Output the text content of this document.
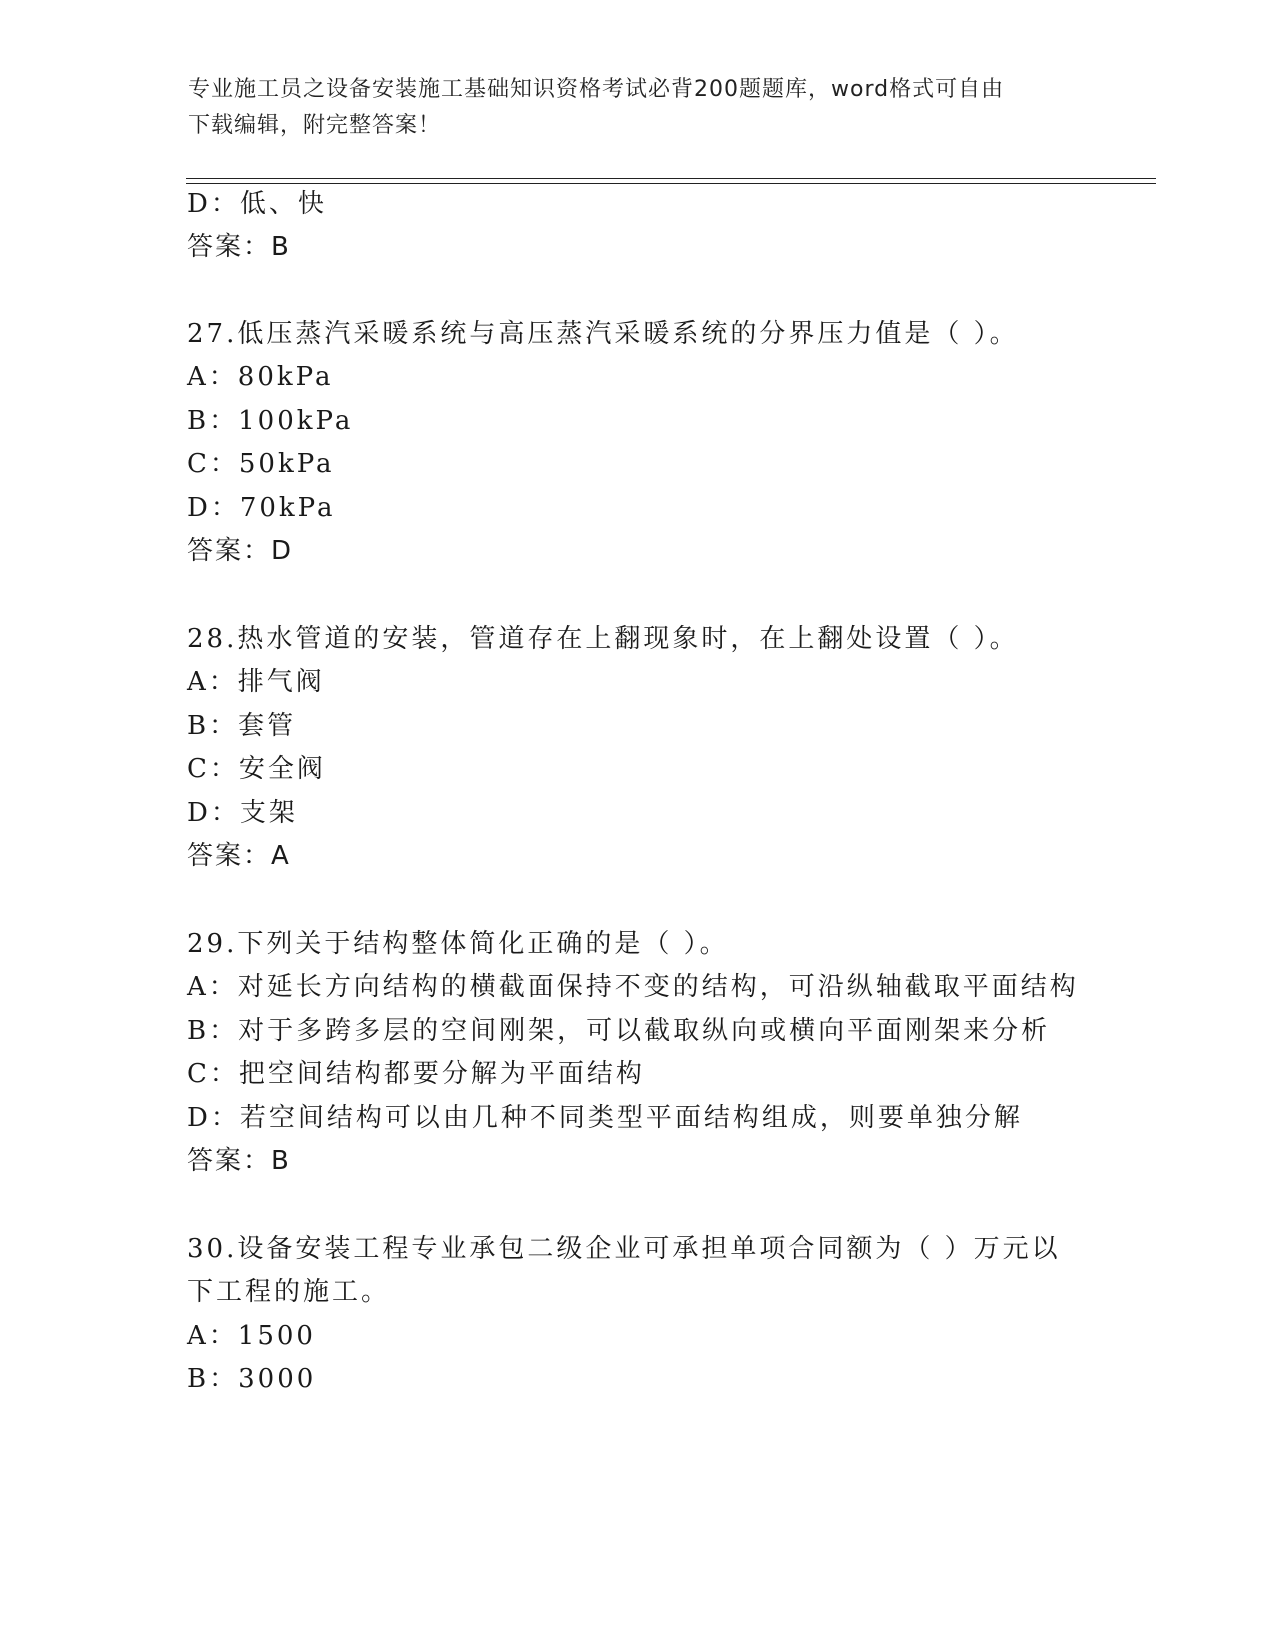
专业施工员之设备安装施工基础知识资格考试必背200题题库，word格式可自由
下载编辑，附完整答案！
D：低、快
答案：B
27.低压蒸汽采暖系统与高压蒸汽采暖系统的分界压力值是（ ）。
A：80kPa
B：100kPa
C：50kPa
D：70kPa
答案：D
28.热水管道的安装，管道存在上翻现象时，在上翻处设置（ ）。
A：排气阀
B：套管
C：安全阀
D：支架
答案：A
29.下列关于结构整体简化正确的是（ ）。
A：对延长方向结构的横截面保持不变的结构，可沿纵轴截取平面结构
B：对于多跨多层的空间刚架，可以截取纵向或横向平面刚架来分析
C：把空间结构都要分解为平面结构
D：若空间结构可以由几种不同类型平面结构组成，则要单独分解
答案：B
30.设备安装工程专业承包二级企业可承担单项合同额为（ ）万元以
下工程的施工。
A：1500
B：3000
